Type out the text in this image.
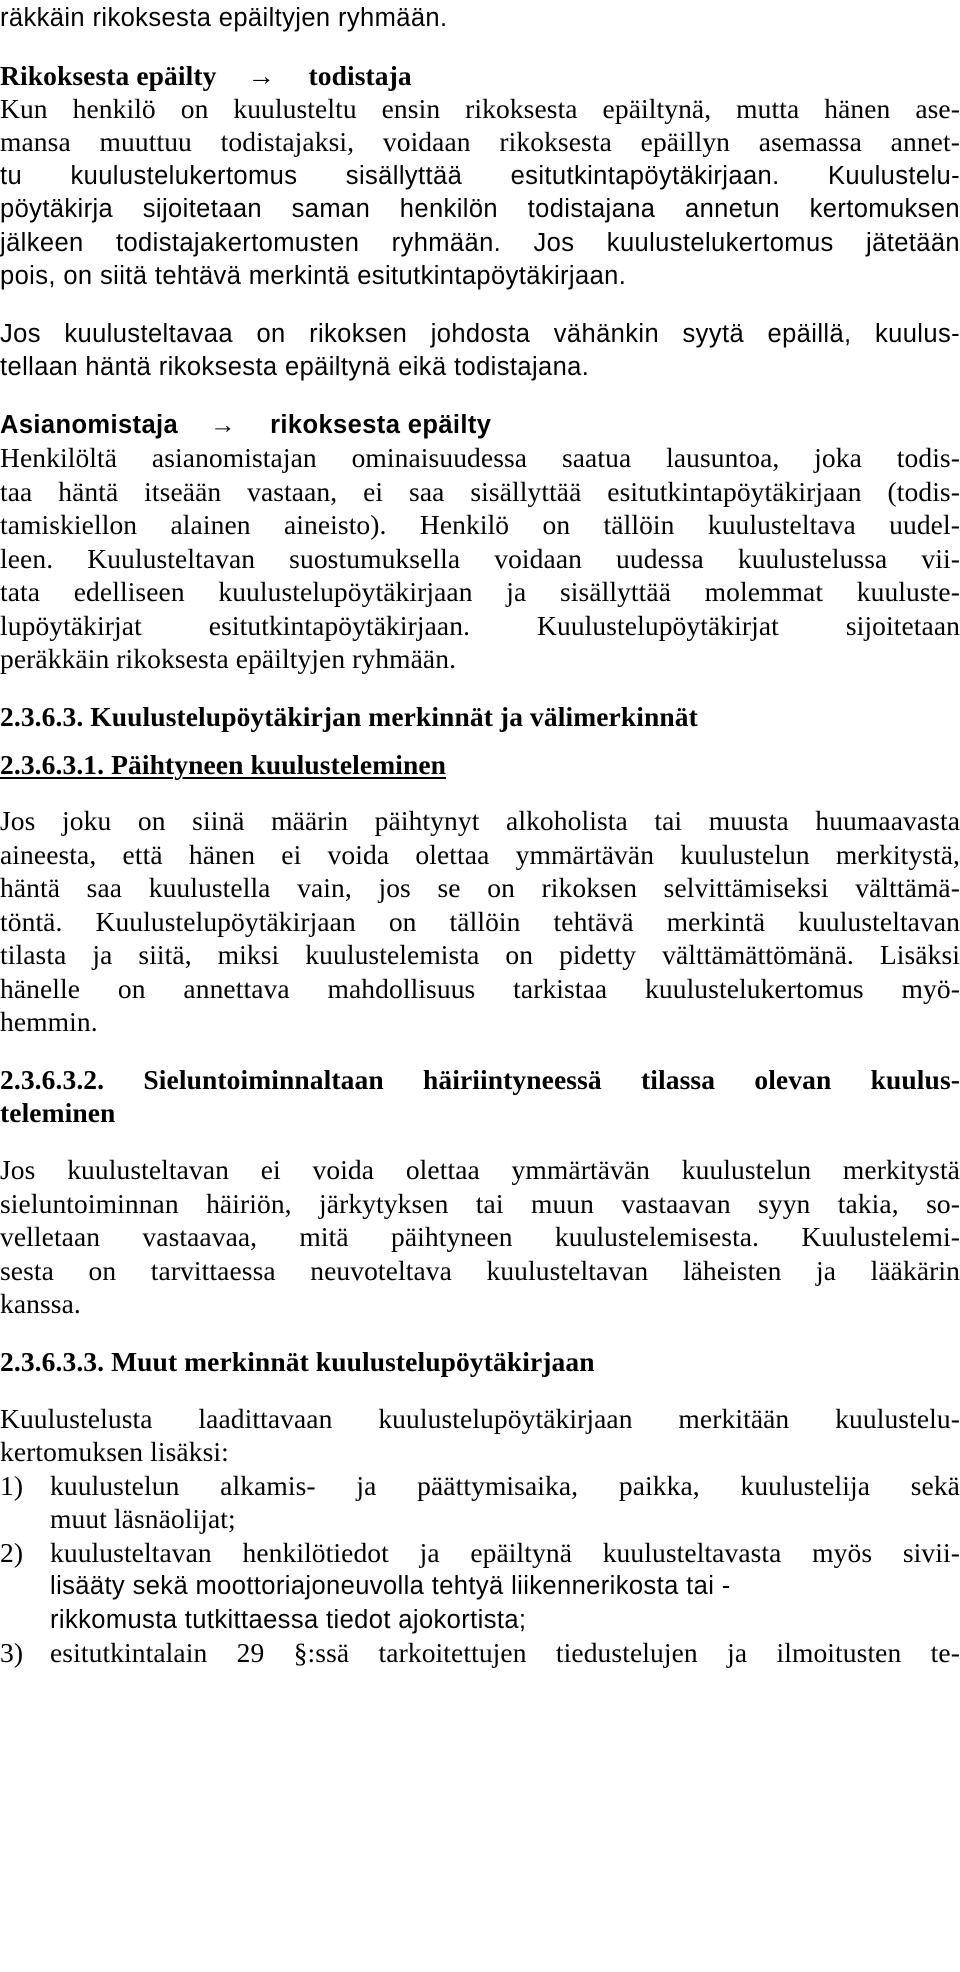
räkkäin rikoksesta epäiltyjen ryhmään.
Rikoksesta epäilty → todistaja
Kun henkilö on kuulusteltu ensin rikoksesta epäiltynä, mutta hänen ase-
mansa muuttuu todistajaksi, voidaan rikoksesta epäillyn asemassa annet-
tu kuulustelukertomus sisällyttää esitutkintapöytäkirjaan. Kuulustelu-
pöytäkirja sijoitetaan saman henkilön todistajana annetun kertomuksen
jälkeen todistajakertomusten ryhmään. Jos kuulustelukertomus jätetään
pois, on siitä tehtävä merkintä esitutkintapöytäkirjaan.
Jos kuulusteltavaa on rikoksen johdosta vähänkin syytä epäillä, kuulus-
tellaan häntä rikoksesta epäiltynä eikä todistajana.
Asianomistaja → rikoksesta epäilty
Henkilöltä asianomistajan ominaisuudessa saatua lausuntoa, joka todis-
taa häntä itseään vastaan, ei saa sisällyttää esitutkintapöytäkirjaan (todis-
tamiskiellon alainen aineisto). Henkilö on tällöin kuulusteltava uudel-
leen. Kuulusteltavan suostumuksella voidaan uudessa kuulustelussa vii-
tata edelliseen kuulustelupöytäkirjaan ja sisällyttää molemmat kuuluste-
lupöytäkirjat esitutkintapöytäkirjaan. Kuulustelupöytäkirjat sijoitetaan
peräkkäin rikoksesta epäiltyjen ryhmään.
2.3.6.3. Kuulustelupöytäkirjan merkinnät ja välimerkinnät
2.3.6.3.1. Päihtyneen kuulusteleminen
Jos joku on siinä määrin päihtynyt alkoholista tai muusta huumaavasta
aineesta, että hänen ei voida olettaa ymmärtävän kuulustelun merkitystä,
häntä saa kuulustella vain, jos se on rikoksen selvittämiseksi välttämä-
töntä. Kuulustelupöytäkirjaan on tällöin tehtävä merkintä kuulusteltavan
tilasta ja siitä, miksi kuulustelemista on pidetty välttämättömänä. Lisäksi
hänelle on annettava mahdollisuus tarkistaa kuulustelukertomus myö-
hemmin.
2.3.6.3.2. Sieluntoiminnaltaan häiriintyneessä tilassa olevan kuulus-
teleminen
Jos kuulusteltavan ei voida olettaa ymmärtävän kuulustelun merkitystä
sieluntoiminnan häiriön, järkytyksen tai muun vastaavan syyn takia, so-
velletaan vastaavaa, mitä päihtyneen kuulustelemisesta. Kuulustelemi-
sesta on tarvittaessa neuvoteltava kuulusteltavan läheisten ja lääkärin
kanssa.
2.3.6.3.3. Muut merkinnät kuulustelupöytäkirjaan
Kuulustelusta laadittavaan kuulustelupöytäkirjaan merkitään kuulustelu-
kertomuksen lisäksi:
1) kuulustelun alkamis- ja päättymisaika, paikka, kuulustelija sekä
muut läsnäolijat;
2) kuulusteltavan henkilötiedot ja epäiltynä kuulusteltavasta myös sivii-
lisääty sekä moottoriajoneuvolla tehtyä liikennerikosta tai -
rikkomusta tutkittaessa tiedot ajokortista;
3) esitutkintalain 29 §:ssä tarkoitettujen tiedustelujen ja ilmoitusten te-
